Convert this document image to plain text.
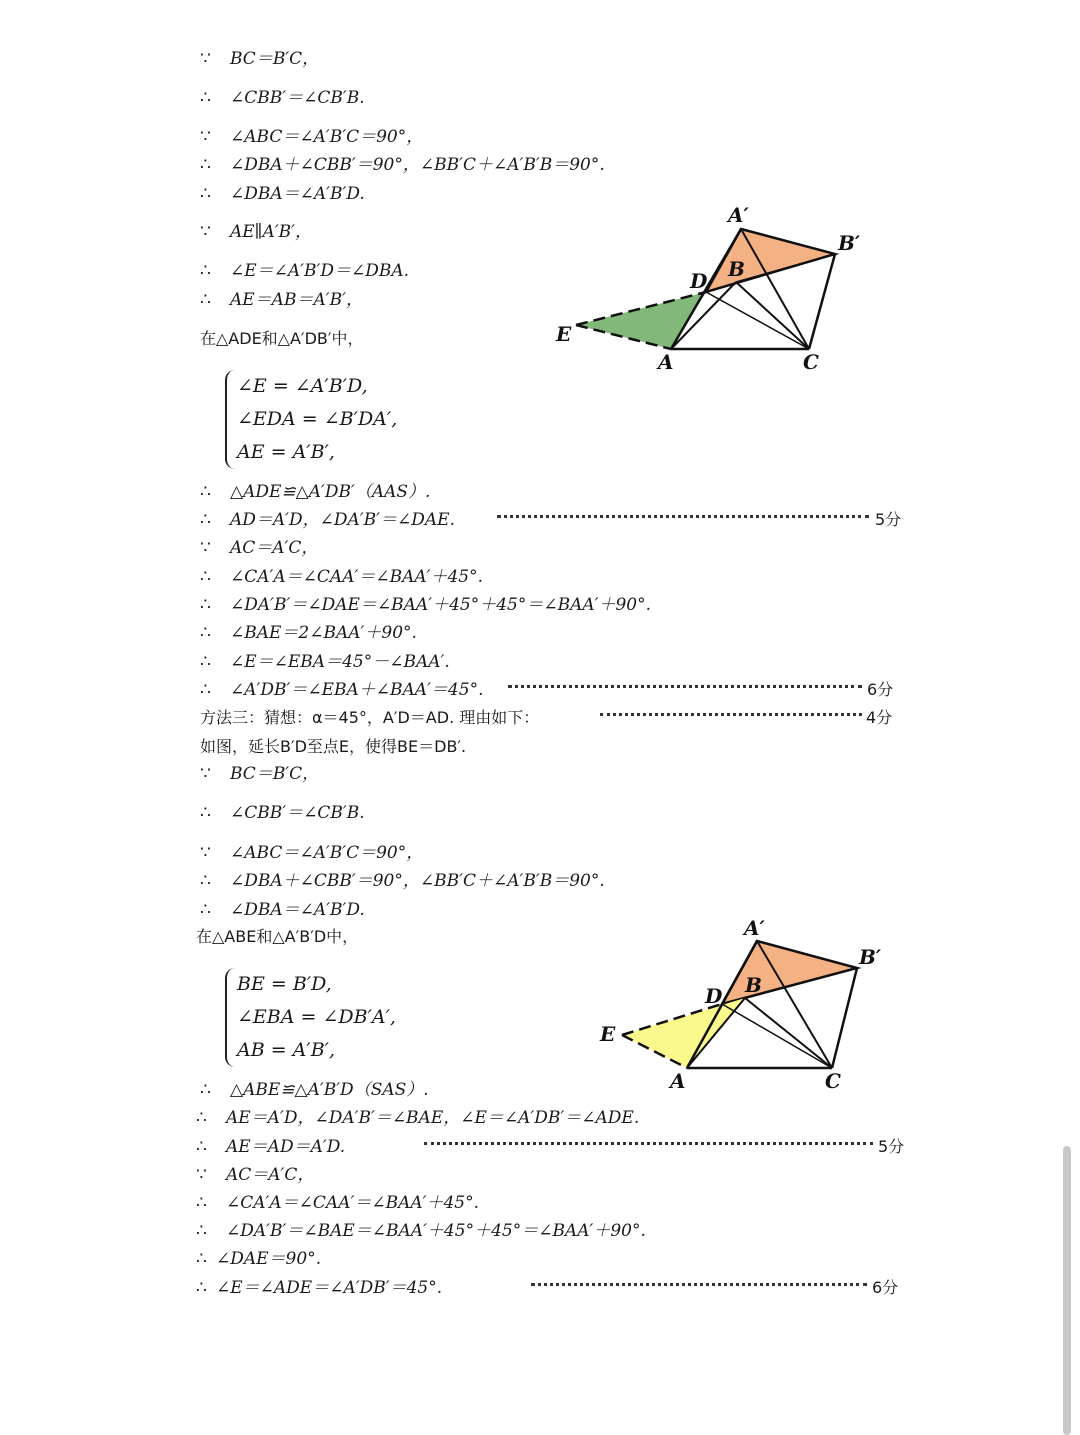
∵ BC＝B′C，
∴ ∠CBB′＝∠CB′B.
∵ ∠ABC＝∠A′B′C＝90°，
∴ ∠DBA＋∠CBB′＝90°，∠BB′C＋∠A′B′B＝90°.
∴ ∠DBA＝∠A′B′D.
∵ AE∥A′B′，
∴ ∠E＝∠A′B′D＝∠DBA.
∴ AE＝AB＝A′B′，
在△ADE和△A′DB′中，
∠E = ∠A′B′D,
∠EDA = ∠B′DA′,
AE = A′B′,
∴ △ADE≌△A′DB′（AAS）.
∴ AD＝A′D，∠DA′B′＝∠DAE.	5分
∵ AC＝A′C，
∴ ∠CA′A＝∠CAA′＝∠BAA′＋45°.
∴ ∠DA′B′＝∠DAE＝∠BAA′＋45°＋45°＝∠BAA′＋90°.
∴ ∠BAE＝2∠BAA′＋90°.
∴ ∠E＝∠EBA＝45°－∠BAA′.
∴ ∠A′DB′＝∠EBA＋∠BAA′＝45°.	6分
方法三：猜想：α＝45°，A′D＝AD. 理由如下：	4分
如图，延长B′D至点E，使得BE＝DB′.
∵ BC＝B′C，
∴ ∠CBB′＝∠CB′B.
∵ ∠ABC＝∠A′B′C＝90°，
∴ ∠DBA＋∠CBB′＝90°，∠BB′C＋∠A′B′B＝90°.
∴ ∠DBA＝∠A′B′D.
在△ABE和△A′B′D中，
BE = B′D,
∠EBA = ∠DB′A′,
AB = A′B′,
∴ △ABE≌△A′B′D（SAS）.
∴ AE＝A′D，∠DA′B′＝∠BAE，∠E＝∠A′DB′＝∠ADE.
∴ AE＝AD＝A′D.	5分
∵ AC＝A′C，
∴ ∠CA′A＝∠CAA′＝∠BAA′＋45°.
∴ ∠DA′B′＝∠BAE＝∠BAA′＋45°＋45°＝∠BAA′＋90°.
∴ ∠DAE＝90°.
∴ ∠E＝∠ADE＝∠A′DB′＝45°.	6分
A′
B′
B
D
E
A	C
A′
B′
B
D
E
A	C
